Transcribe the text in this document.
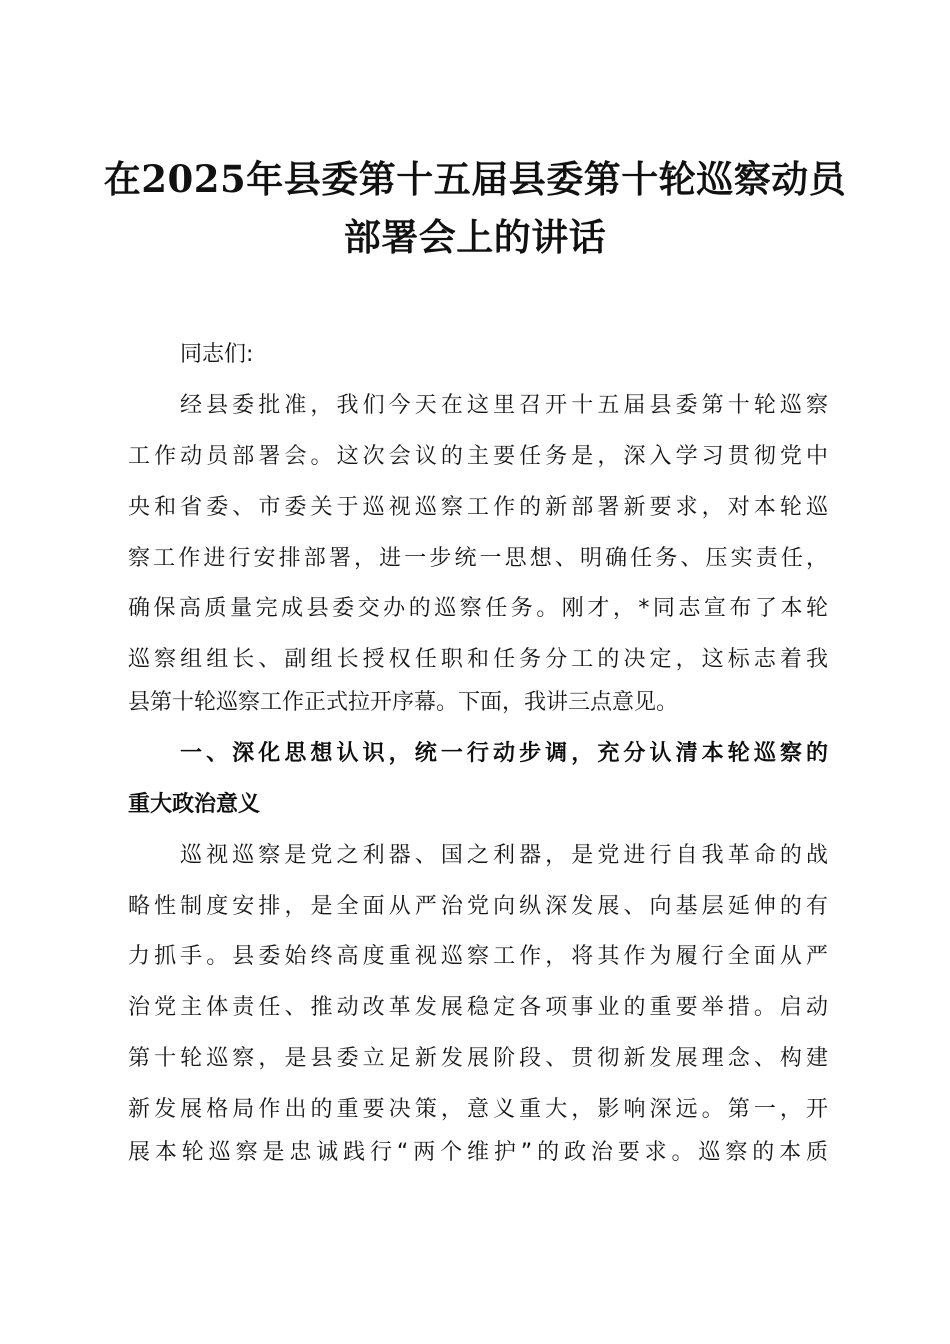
在2025年县委第十五届县委第十轮巡察动员
部署会上的讲话
同志们:
经县委批准，我们今天在这里召开十五届县委第十轮巡察
工作动员部署会。这次会议的主要任务是，深入学习贯彻党中
央和省委、市委关于巡视巡察工作的新部署新要求，对本轮巡
察工作进行安排部署，进一步统一思想、明确任务、压实责任，
确保高质量完成县委交办的巡察任务。刚才，*同志宣布了本轮
巡察组组长、副组长授权任职和任务分工的决定，这标志着我
县第十轮巡察工作正式拉开序幕。下面，我讲三点意见。
一、深化思想认识，统一行动步调，充分认清本轮巡察的
重大政治意义
巡视巡察是党之利器、国之利器，是党进行自我革命的战
略性制度安排，是全面从严治党向纵深发展、向基层延伸的有
力抓手。县委始终高度重视巡察工作，将其作为履行全面从严
治党主体责任、推动改革发展稳定各项事业的重要举措。启动
第十轮巡察，是县委立足新发展阶段、贯彻新发展理念、构建
新发展格局作出的重要决策，意义重大，影响深远。第一，开
展本轮巡察是忠诚践行“两个维护”的政治要求。巡察的本质
